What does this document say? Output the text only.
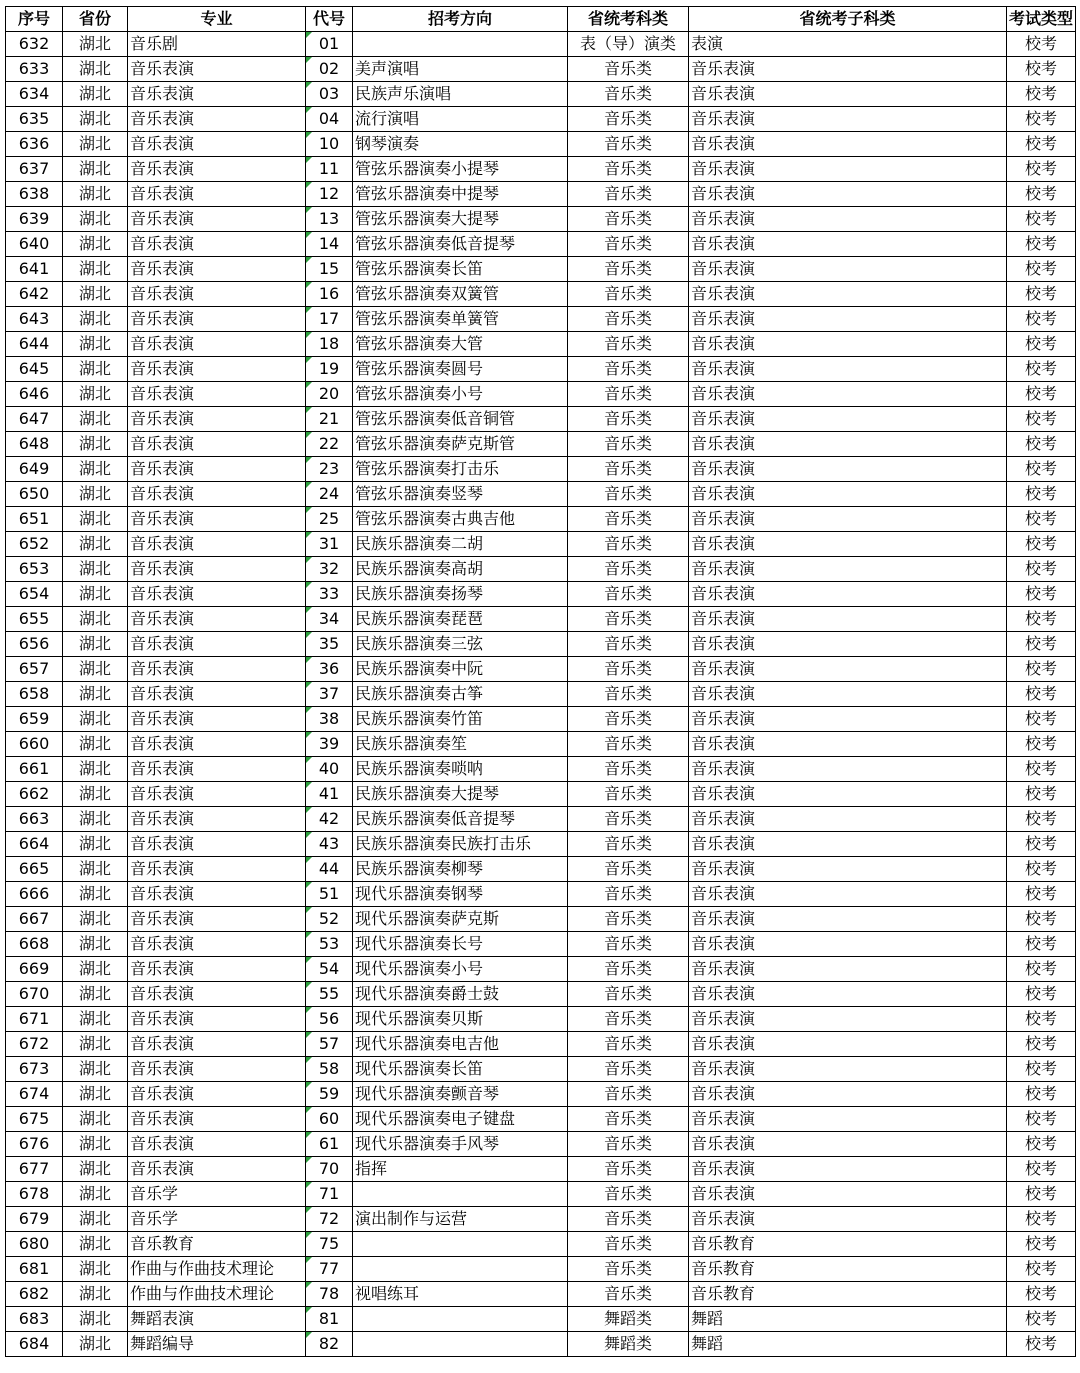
序号	省份	专业	代号	招考方向	省统考科类	省统考子科类	考试类型
632	湖北	音乐剧	01		表（导）演类	表演	校考
633	湖北	音乐表演	02	美声演唱	音乐类	音乐表演	校考
634	湖北	音乐表演	03	民族声乐演唱	音乐类	音乐表演	校考
635	湖北	音乐表演	04	流行演唱	音乐类	音乐表演	校考
636	湖北	音乐表演	10	钢琴演奏	音乐类	音乐表演	校考
637	湖北	音乐表演	11	管弦乐器演奏小提琴	音乐类	音乐表演	校考
638	湖北	音乐表演	12	管弦乐器演奏中提琴	音乐类	音乐表演	校考
639	湖北	音乐表演	13	管弦乐器演奏大提琴	音乐类	音乐表演	校考
640	湖北	音乐表演	14	管弦乐器演奏低音提琴	音乐类	音乐表演	校考
641	湖北	音乐表演	15	管弦乐器演奏长笛	音乐类	音乐表演	校考
642	湖北	音乐表演	16	管弦乐器演奏双簧管	音乐类	音乐表演	校考
643	湖北	音乐表演	17	管弦乐器演奏单簧管	音乐类	音乐表演	校考
644	湖北	音乐表演	18	管弦乐器演奏大管	音乐类	音乐表演	校考
645	湖北	音乐表演	19	管弦乐器演奏圆号	音乐类	音乐表演	校考
646	湖北	音乐表演	20	管弦乐器演奏小号	音乐类	音乐表演	校考
647	湖北	音乐表演	21	管弦乐器演奏低音铜管	音乐类	音乐表演	校考
648	湖北	音乐表演	22	管弦乐器演奏萨克斯管	音乐类	音乐表演	校考
649	湖北	音乐表演	23	管弦乐器演奏打击乐	音乐类	音乐表演	校考
650	湖北	音乐表演	24	管弦乐器演奏竖琴	音乐类	音乐表演	校考
651	湖北	音乐表演	25	管弦乐器演奏古典吉他	音乐类	音乐表演	校考
652	湖北	音乐表演	31	民族乐器演奏二胡	音乐类	音乐表演	校考
653	湖北	音乐表演	32	民族乐器演奏高胡	音乐类	音乐表演	校考
654	湖北	音乐表演	33	民族乐器演奏扬琴	音乐类	音乐表演	校考
655	湖北	音乐表演	34	民族乐器演奏琵琶	音乐类	音乐表演	校考
656	湖北	音乐表演	35	民族乐器演奏三弦	音乐类	音乐表演	校考
657	湖北	音乐表演	36	民族乐器演奏中阮	音乐类	音乐表演	校考
658	湖北	音乐表演	37	民族乐器演奏古筝	音乐类	音乐表演	校考
659	湖北	音乐表演	38	民族乐器演奏竹笛	音乐类	音乐表演	校考
660	湖北	音乐表演	39	民族乐器演奏笙	音乐类	音乐表演	校考
661	湖北	音乐表演	40	民族乐器演奏唢呐	音乐类	音乐表演	校考
662	湖北	音乐表演	41	民族乐器演奏大提琴	音乐类	音乐表演	校考
663	湖北	音乐表演	42	民族乐器演奏低音提琴	音乐类	音乐表演	校考
664	湖北	音乐表演	43	民族乐器演奏民族打击乐	音乐类	音乐表演	校考
665	湖北	音乐表演	44	民族乐器演奏柳琴	音乐类	音乐表演	校考
666	湖北	音乐表演	51	现代乐器演奏钢琴	音乐类	音乐表演	校考
667	湖北	音乐表演	52	现代乐器演奏萨克斯	音乐类	音乐表演	校考
668	湖北	音乐表演	53	现代乐器演奏长号	音乐类	音乐表演	校考
669	湖北	音乐表演	54	现代乐器演奏小号	音乐类	音乐表演	校考
670	湖北	音乐表演	55	现代乐器演奏爵士鼓	音乐类	音乐表演	校考
671	湖北	音乐表演	56	现代乐器演奏贝斯	音乐类	音乐表演	校考
672	湖北	音乐表演	57	现代乐器演奏电吉他	音乐类	音乐表演	校考
673	湖北	音乐表演	58	现代乐器演奏长笛	音乐类	音乐表演	校考
674	湖北	音乐表演	59	现代乐器演奏颤音琴	音乐类	音乐表演	校考
675	湖北	音乐表演	60	现代乐器演奏电子键盘	音乐类	音乐表演	校考
676	湖北	音乐表演	61	现代乐器演奏手风琴	音乐类	音乐表演	校考
677	湖北	音乐表演	70	指挥	音乐类	音乐表演	校考
678	湖北	音乐学	71		音乐类	音乐表演	校考
679	湖北	音乐学	72	演出制作与运营	音乐类	音乐表演	校考
680	湖北	音乐教育	75		音乐类	音乐教育	校考
681	湖北	作曲与作曲技术理论	77		音乐类	音乐教育	校考
682	湖北	作曲与作曲技术理论	78	视唱练耳	音乐类	音乐教育	校考
683	湖北	舞蹈表演	81		舞蹈类	舞蹈	校考
684	湖北	舞蹈编导	82		舞蹈类	舞蹈	校考
